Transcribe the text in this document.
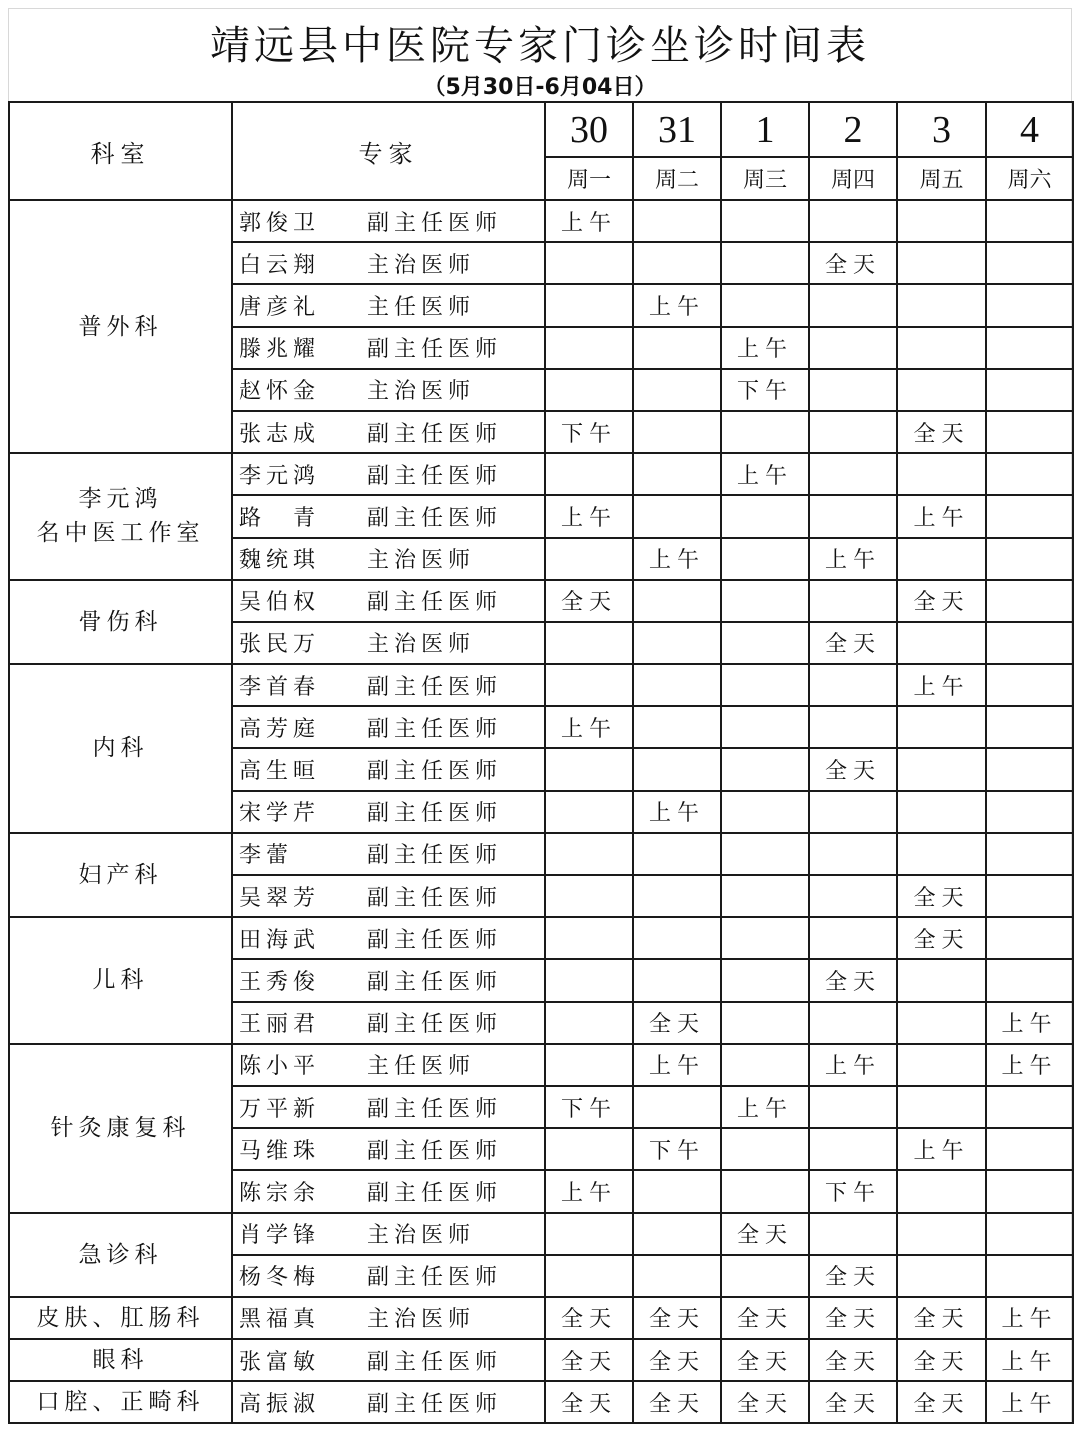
靖远县中医院专家门诊坐诊时间表
（5月30日-6月04日）
科室	专家	30	31	1	2	3	4
		周一	周二	周三	周四	周五	周六
普外科	郭俊卫 副主任医师	上午					
	白云翔 主治医师				全天		
	唐彦礼 主任医师		上午				
	滕兆耀 副主任医师			上午			
	赵怀金 主治医师			下午			
	张志成 副主任医师	下午				全天	

李元鸿
名中医工作室	李元鸿 副主任医师			上午			
	路　青 副主任医师	上午				上午	
	魏统琪 主治医师		上午		上午		
骨伤科	吴伯权 副主任医师	全天				全天	
	张民万 主治医师				全天		
内科	李首春 副主任医师					上午	
	高芳庭 副主任医师	上午					
	高生晅 副主任医师				全天		
	宋学芹 副主任医师		上午				
妇产科	李蕾 副主任医师						
	吴翠芳 副主任医师					全天	
儿科	田海武 副主任医师					全天	
	王秀俊 副主任医师				全天		
	王丽君 副主任医师		全天				上午
针灸康复科	陈小平 主任医师		上午		上午		上午
	万平新 副主任医师	下午		上午			
	马维珠 副主任医师		下午			上午	
	陈宗余 副主任医师	上午			下午		
急诊科	肖学锋 主治医师			全天			
	杨冬梅 副主任医师				全天		
皮肤、肛肠科	黑福真 主治医师	全天	全天	全天	全天	全天	上午
眼科	张富敏 副主任医师	全天	全天	全天	全天	全天	上午
口腔、正畸科	高振淑 副主任医师	全天	全天	全天	全天	全天	上午
